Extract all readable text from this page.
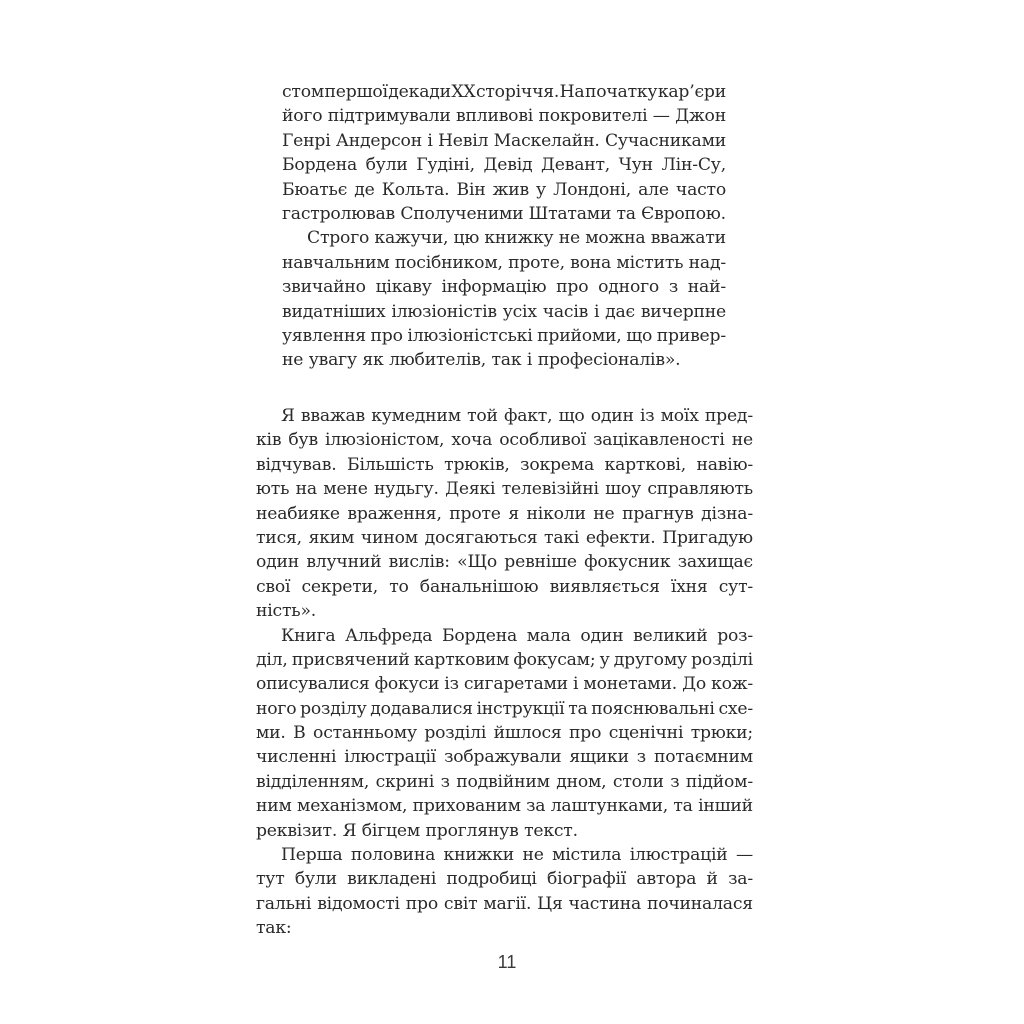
стом першої декади XX сторіччя. На початку кар’єри
його підтримували впливові покровителі — Джон
Генрі Андерсон і Невіл Маскелайн. Сучасниками
Бордена були Гудіні, Девід Девант, Чун Лін-Су,
Бюатьє де Кольта. Він жив у Лондоні, але часто
гастролював Сполученими Штатами та Європою.
Строго кажучи, цю книжку не можна вважати
навчальним посібником, проте, вона містить над-
звичайно цікаву інформацію про одного з най-
видатніших ілюзіоністів усіх часів і дає вичерпне
уявлення про ілюзіоністські прийоми, що привер-
не увагу як любителів, так і професіоналів».
Я вважав кумедним той факт, що один із моїх пред-
ків був ілюзіоністом, хоча особливої зацікавленості не
відчував. Більшість трюків, зокрема карткові, навію-
ють на мене нудьгу. Деякі телевізійні шоу справляють
неабияке враження, проте я ніколи не прагнув дізна-
тися, яким чином досягаються такі ефекти. Пригадую
один влучний вислів: «Що ревніше фокусник захищає
свої секрети, то банальнішою виявляється їхня сут-
ність».
Книга Альфреда Бордена мала один великий роз-
діл, присвячений картковим фокусам; у другому розділі
описувалися фокуси із сигаретами і монетами. До кож-
ного розділу додавалися інструкції та пояснювальні схе-
ми. В останньому розділі йшлося про сценічні трюки;
численні ілюстрації зображували ящики з потаємним
відділенням, скрині з подвійним дном, столи з підйом-
ним механізмом, прихованим за лаштунками, та інший
реквізит. Я бігцем проглянув текст.
Перша половина книжки не містила ілюстрацій —
тут були викладені подробиці біографії автора й за-
гальні відомості про світ магії. Ця частина починалася
так:
11
